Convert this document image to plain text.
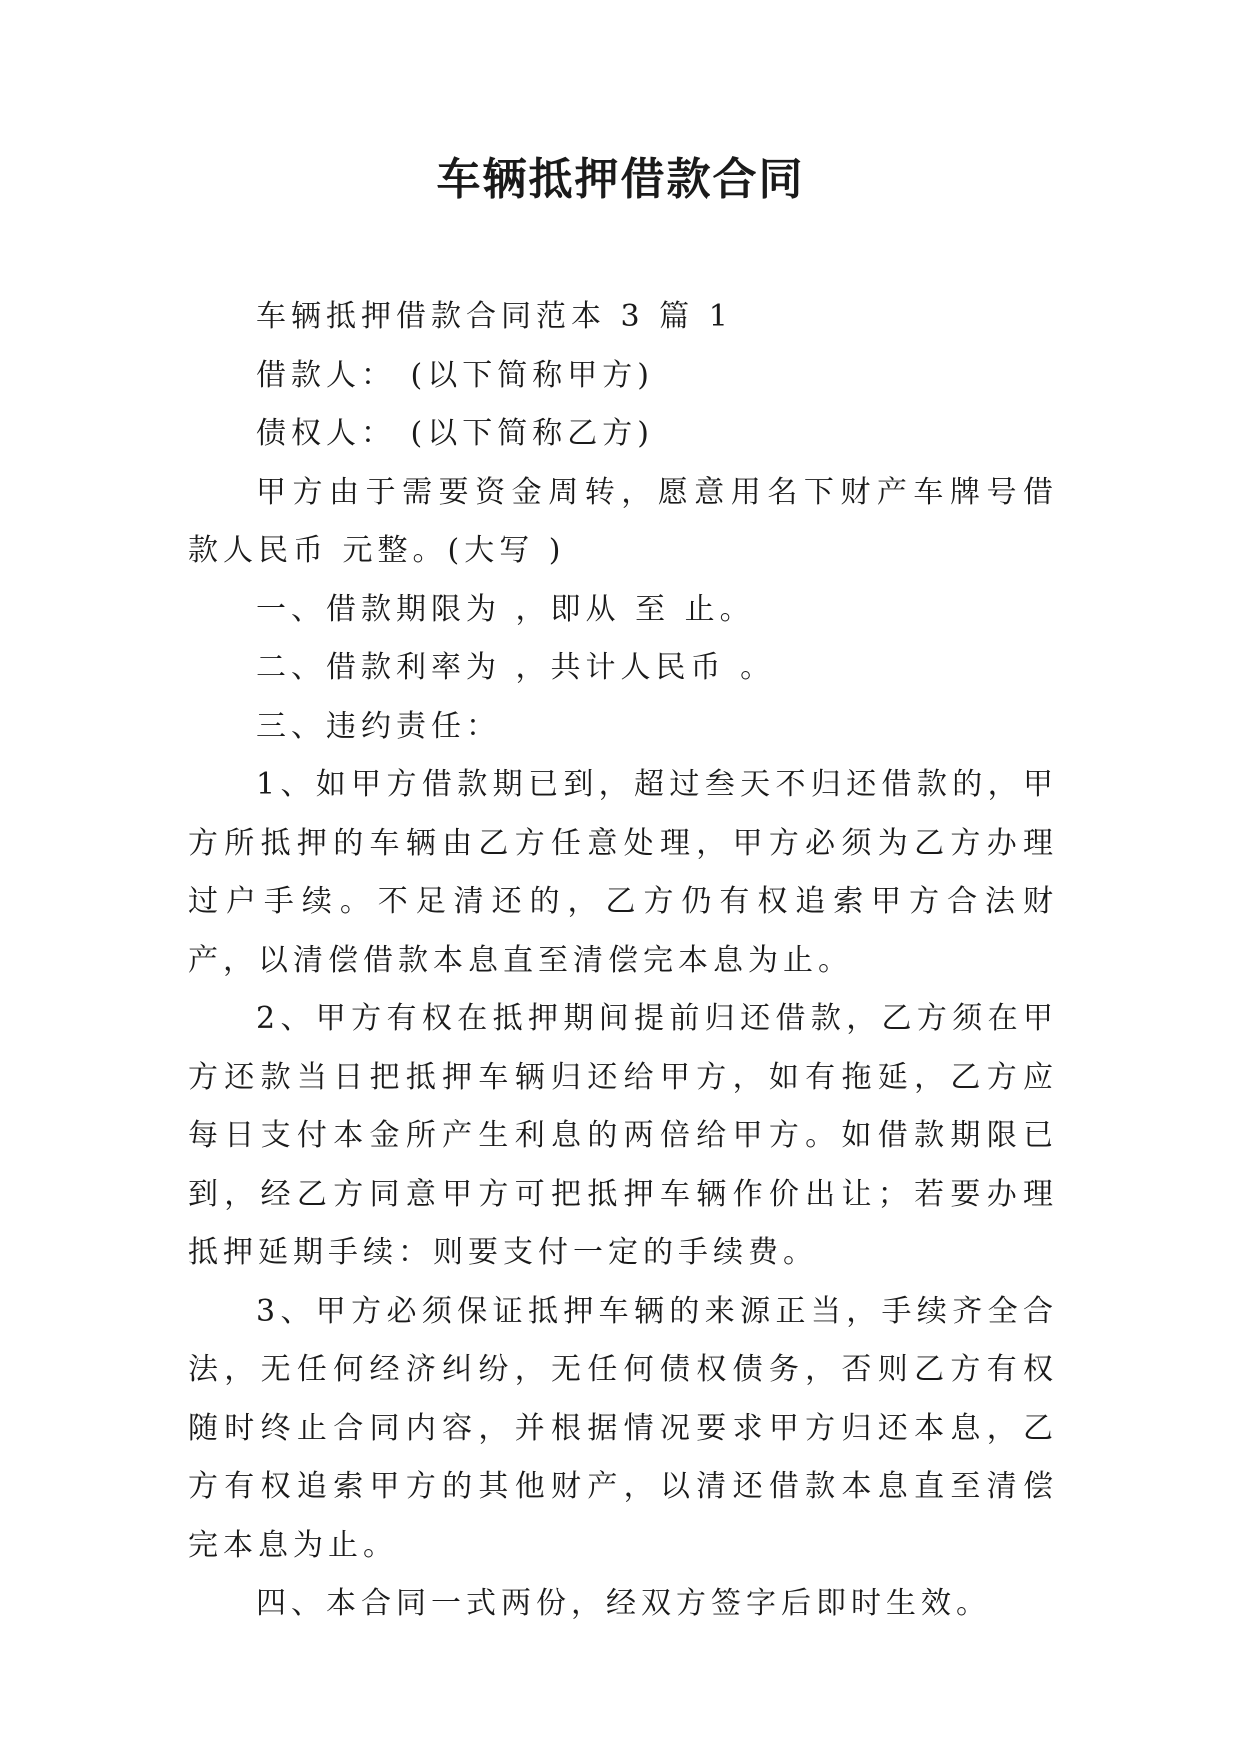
车辆抵押借款合同

车辆抵押借款合同范本 3 篇 1

借款人： (以下简称甲方)

债权人： (以下简称乙方)

甲方由于需要资金周转，愿意用名下财产车牌号借款人民币 元整。(大写 )

一、借款期限为 ，即从 至 止。

二、借款利率为 ，共计人民币 。

三、违约责任：

1、如甲方借款期已到，超过叁天不归还借款的，甲方所抵押的车辆由乙方任意处理，甲方必须为乙方办理过户手续。不足清还的，乙方仍有权追索甲方合法财产，以清偿借款本息直至清偿完本息为止。

2、甲方有权在抵押期间提前归还借款，乙方须在甲方还款当日把抵押车辆归还给甲方，如有拖延，乙方应每日支付本金所产生利息的两倍给甲方。如借款期限已到，经乙方同意甲方可把抵押车辆作价出让；若要办理抵押延期手续：则要支付一定的手续费。

3、甲方必须保证抵押车辆的来源正当，手续齐全合法，无任何经济纠纷，无任何债权债务，否则乙方有权随时终止合同内容，并根据情况要求甲方归还本息，乙方有权追索甲方的其他财产，以清还借款本息直至清偿完本息为止。

四、本合同一式两份，经双方签字后即时生效。
